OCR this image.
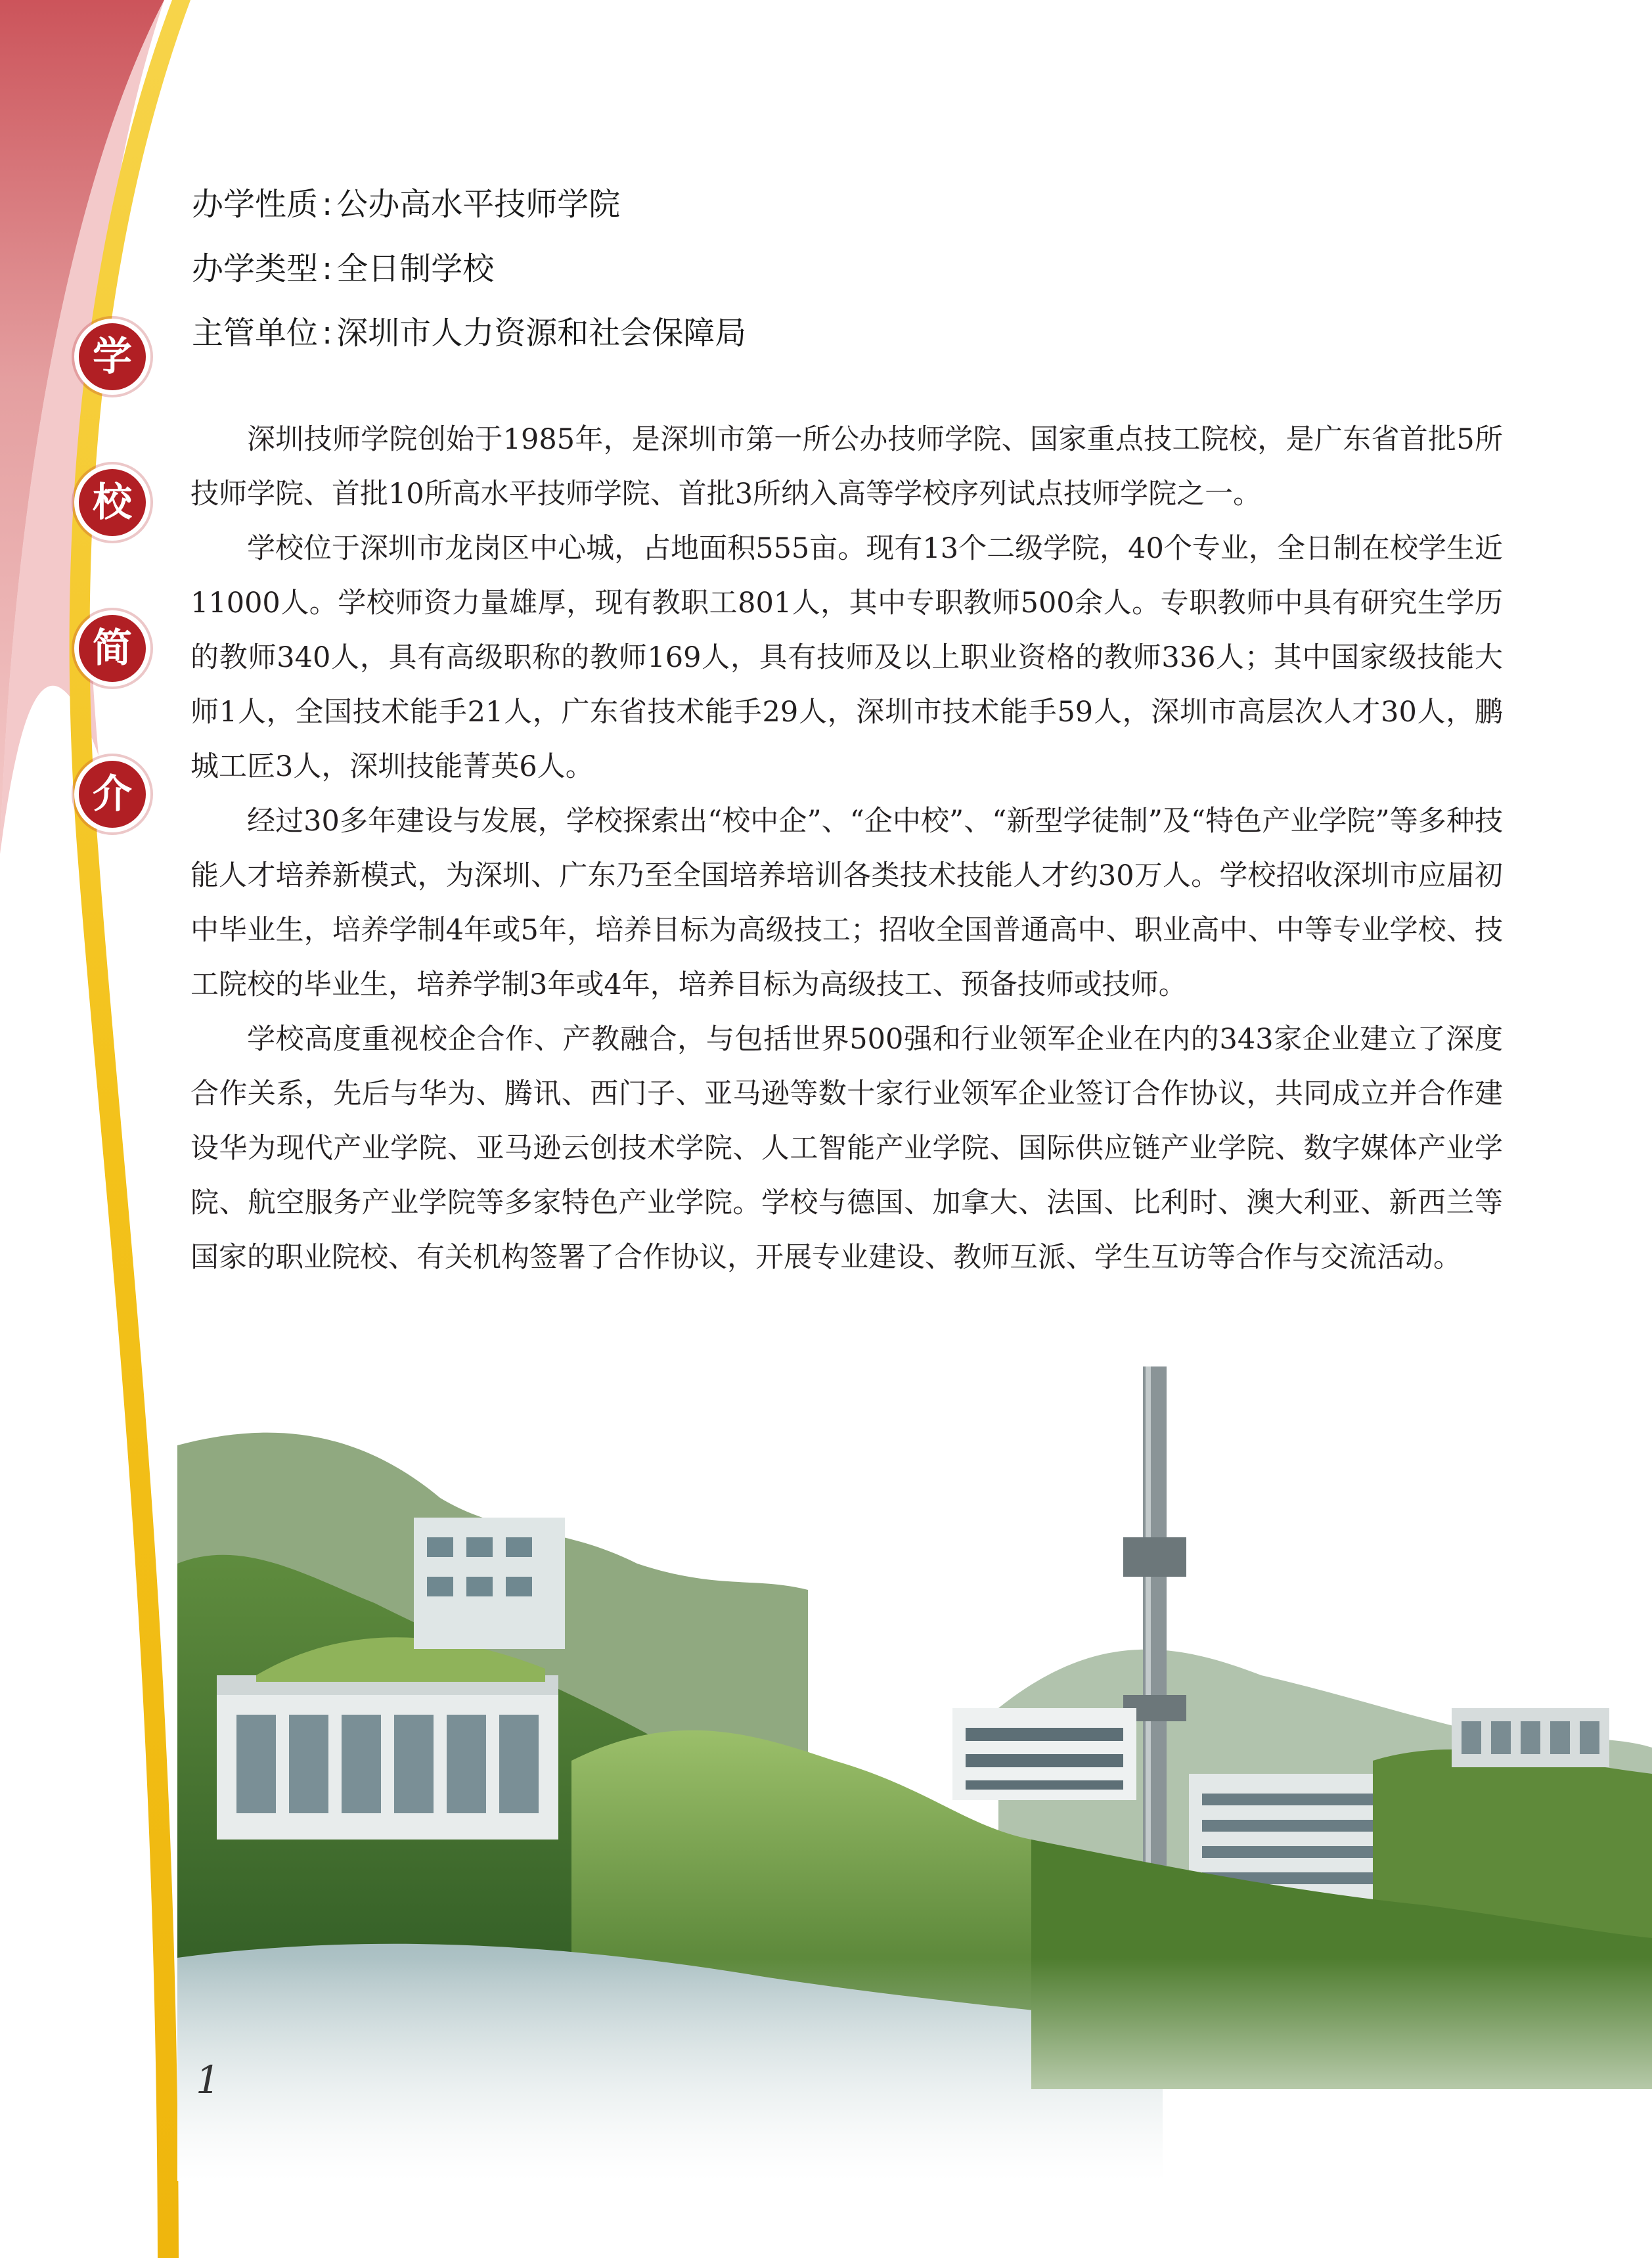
办学性质 : 公办高水平技师学院
办学类型 : 全日制学校
主管单位 : 深圳市人力资源和社会保障局
学
校
简
介

深圳技师学院创始于1985年，是深圳市第一所公办技师学院、国家重点技工院校，是广东省首批5所技师学院、首批10所高水平技师学院、首批3所纳入高等学校序列试点技师学院之一。

学校位于深圳市龙岗区中心城，占地面积555亩。现有13个二级学院，40个专业，全日制在校学生近11000人。学校师资力量雄厚，现有教职工801人，其中专职教师500余人。专职教师中具有研究生学历的教师340人，具有高级职称的教师169人，具有技师及以上职业资格的教师336人；其中国家级技能大师1人，全国技术能手21人，广东省技术能手29人，深圳市技术能手59人，深圳市高层次人才30人，鹏城工匠3人，深圳技能菁英6人。

经过30多年建设与发展，学校探索出“校中企”、“企中校”、“新型学徒制”及“特色产业学院”等多种技能人才培养新模式，为深圳、广东乃至全国培养培训各类技术技能人才约30万人。学校招收深圳市应届初中毕业生，培养学制4年或5年，培养目标为高级技工；招收全国普通高中、职业高中、中等专业学校、技工院校的毕业生，培养学制3年或4年，培养目标为高级技工、预备技师或技师。

学校高度重视校企合作、产教融合，与包括世界500强和行业领军企业在内的343家企业建立了深度合作关系，先后与华为、腾讯、西门子、亚马逊等数十家行业领军企业签订合作协议，共同成立并合作建设华为现代产业学院、亚马逊云创技术学院、人工智能产业学院、国际供应链产业学院、数字媒体产业学院、航空服务产业学院等多家特色产业学院。学校与德国、加拿大、法国、比利时、澳大利亚、新西兰等国家的职业院校、有关机构签署了合作协议，开展专业建设、教师互派、学生互访等合作与交流活动。

1
